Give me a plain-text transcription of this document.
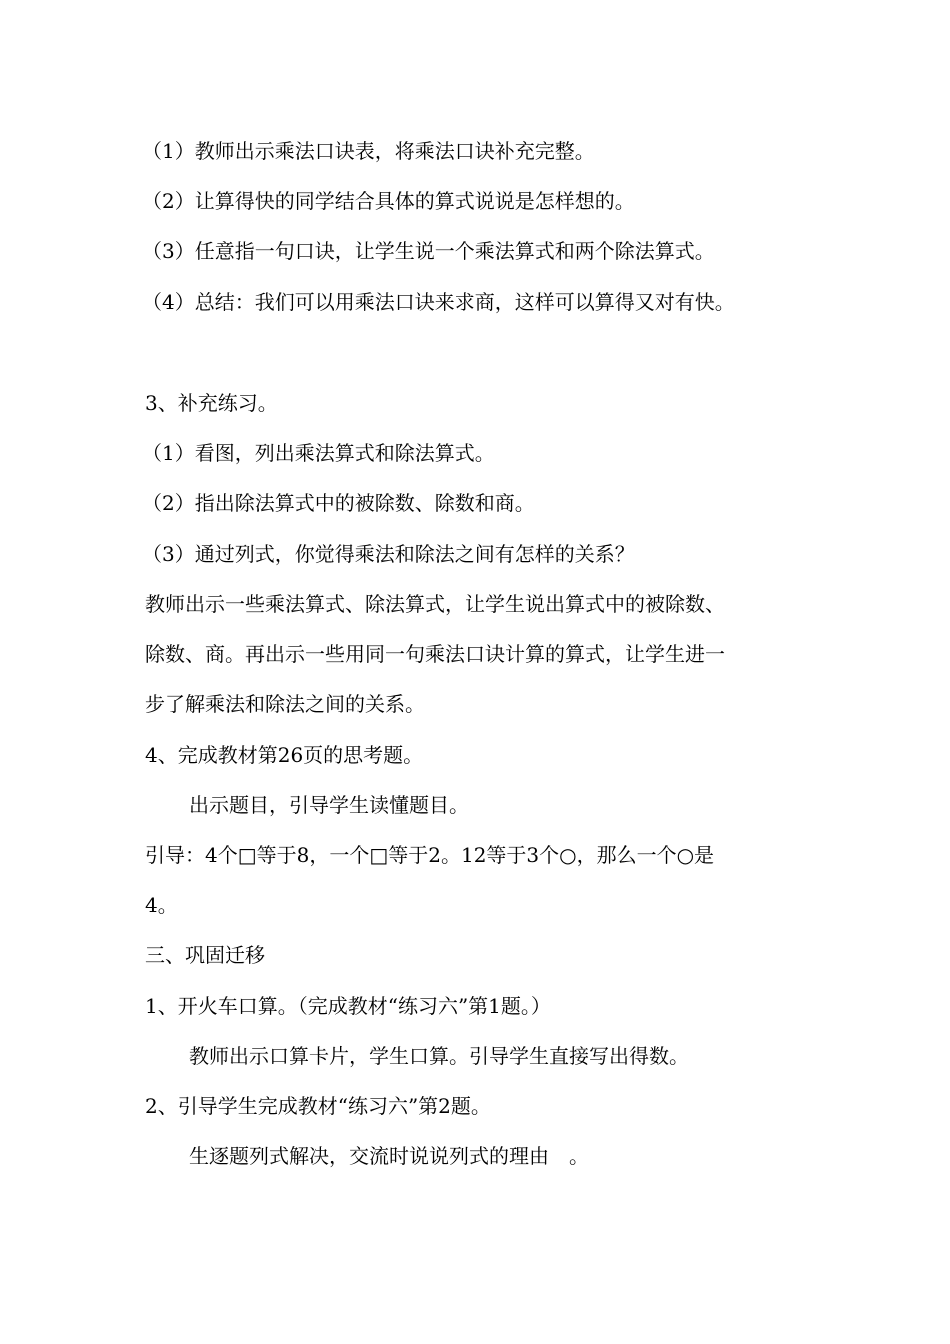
（1）教师出示乘法口诀表，将乘法口诀补充完整。
（2）让算得快的同学结合具体的算式说说是怎样想的。
（3）任意指一句口诀，让学生说一个乘法算式和两个除法算式。
（4）总结：我们可以用乘法口诀来求商，这样可以算得又对有快。
3、补充练习。
（1）看图，列出乘法算式和除法算式。
（2）指出除法算式中的被除数、除数和商。
（3）通过列式，你觉得乘法和除法之间有怎样的关系？
教师出示一些乘法算式、除法算式，让学生说出算式中的被除数、
除数、商。再出示一些用同一句乘法口诀计算的算式，让学生进一
步了解乘法和除法之间的关系。
4、完成教材第26页的思考题。
出示题目，引导学生读懂题目。
引导：4个□等于8，一个□等于2。12等于3个○，那么一个○是
4。
三、巩固迁移
1、开火车口算。（完成教材“练习六”第1题。）
教师出示口算卡片，学生口算。引导学生直接写出得数。
2、引导学生完成教材“练习六”第2题。
生逐题列式解决，交流时说说列式的理由　。
